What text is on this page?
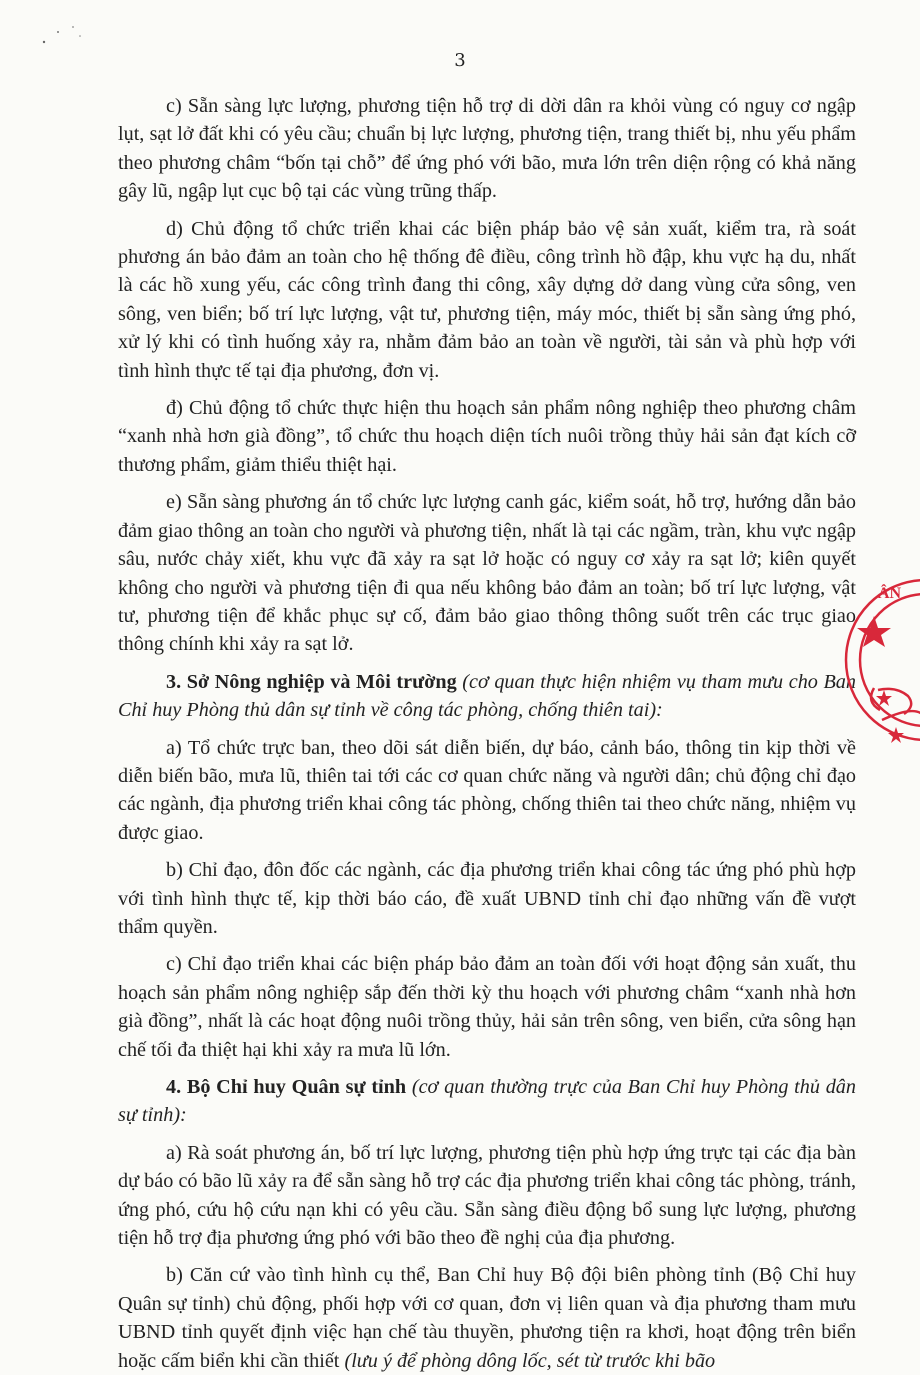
3

c) Sẵn sàng lực lượng, phương tiện hỗ trợ di dời dân ra khỏi vùng có nguy cơ ngập lụt, sạt lở đất khi có yêu cầu; chuẩn bị lực lượng, phương tiện, trang thiết bị, nhu yếu phẩm theo phương châm “bốn tại chỗ” để ứng phó với bão, mưa lớn trên diện rộng có khả năng gây lũ, ngập lụt cục bộ tại các vùng trũng thấp.

d) Chủ động tổ chức triển khai các biện pháp bảo vệ sản xuất, kiểm tra, rà soát phương án bảo đảm an toàn cho hệ thống đê điều, công trình hồ đập, khu vực hạ du, nhất là các hồ xung yếu, các công trình đang thi công, xây dựng dở dang vùng cửa sông, ven sông, ven biển; bố trí lực lượng, vật tư, phương tiện, máy móc, thiết bị sẵn sàng ứng phó, xử lý khi có tình huống xảy ra, nhằm đảm bảo an toàn về người, tài sản và phù hợp với tình hình thực tế tại địa phương, đơn vị.

đ) Chủ động tổ chức thực hiện thu hoạch sản phẩm nông nghiệp theo phương châm “xanh nhà hơn già đồng”, tổ chức thu hoạch diện tích nuôi trồng thủy hải sản đạt kích cỡ thương phẩm, giảm thiểu thiệt hại.

e) Sẵn sàng phương án tổ chức lực lượng canh gác, kiểm soát, hỗ trợ, hướng dẫn bảo đảm giao thông an toàn cho người và phương tiện, nhất là tại các ngầm, tràn, khu vực ngập sâu, nước chảy xiết, khu vực đã xảy ra sạt lở hoặc có nguy cơ xảy ra sạt lở; kiên quyết không cho người và phương tiện đi qua nếu không bảo đảm an toàn; bố trí lực lượng, vật tư, phương tiện để khắc phục sự cố, đảm bảo giao thông thông suốt trên các trục giao thông chính khi xảy ra sạt lở.

3. Sở Nông nghiệp và Môi trường (cơ quan thực hiện nhiệm vụ tham mưu cho Ban Chỉ huy Phòng thủ dân sự tỉnh về công tác phòng, chống thiên tai):

a) Tổ chức trực ban, theo dõi sát diễn biến, dự báo, cảnh báo, thông tin kịp thời về diễn biến bão, mưa lũ, thiên tai tới các cơ quan chức năng và người dân; chủ động chỉ đạo các ngành, địa phương triển khai công tác phòng, chống thiên tai theo chức năng, nhiệm vụ được giao.

b) Chỉ đạo, đôn đốc các ngành, các địa phương triển khai công tác ứng phó phù hợp với tình hình thực tế, kịp thời báo cáo, đề xuất UBND tỉnh chỉ đạo những vấn đề vượt thẩm quyền.

c) Chỉ đạo triển khai các biện pháp bảo đảm an toàn đối với hoạt động sản xuất, thu hoạch sản phẩm nông nghiệp sắp đến thời kỳ thu hoạch với phương châm “xanh nhà hơn già đồng”, nhất là các hoạt động nuôi trồng thủy, hải sản trên sông, ven biển, cửa sông hạn chế tối đa thiệt hại khi xảy ra mưa lũ lớn.

4. Bộ Chỉ huy Quân sự tỉnh (cơ quan thường trực của Ban Chỉ huy Phòng thủ dân sự tỉnh):

a) Rà soát phương án, bố trí lực lượng, phương tiện phù hợp ứng trực tại các địa bàn dự báo có bão lũ xảy ra để sẵn sàng hỗ trợ các địa phương triển khai công tác phòng, tránh, ứng phó, cứu hộ cứu nạn khi có yêu cầu. Sẵn sàng điều động bổ sung lực lượng, phương tiện hỗ trợ địa phương ứng phó với bão theo đề nghị của địa phương.

b) Căn cứ vào tình hình cụ thể, Ban Chỉ huy Bộ đội biên phòng tỉnh (Bộ Chỉ huy Quân sự tỉnh) chủ động, phối hợp với cơ quan, đơn vị liên quan và địa phương tham mưu UBND tỉnh quyết định việc hạn chế tàu thuyền, phương tiện ra khơi, hoạt động trên biển hoặc cấm biển khi cần thiết (lưu ý để phòng dông lốc, sét từ trước khi bão

ÂN
